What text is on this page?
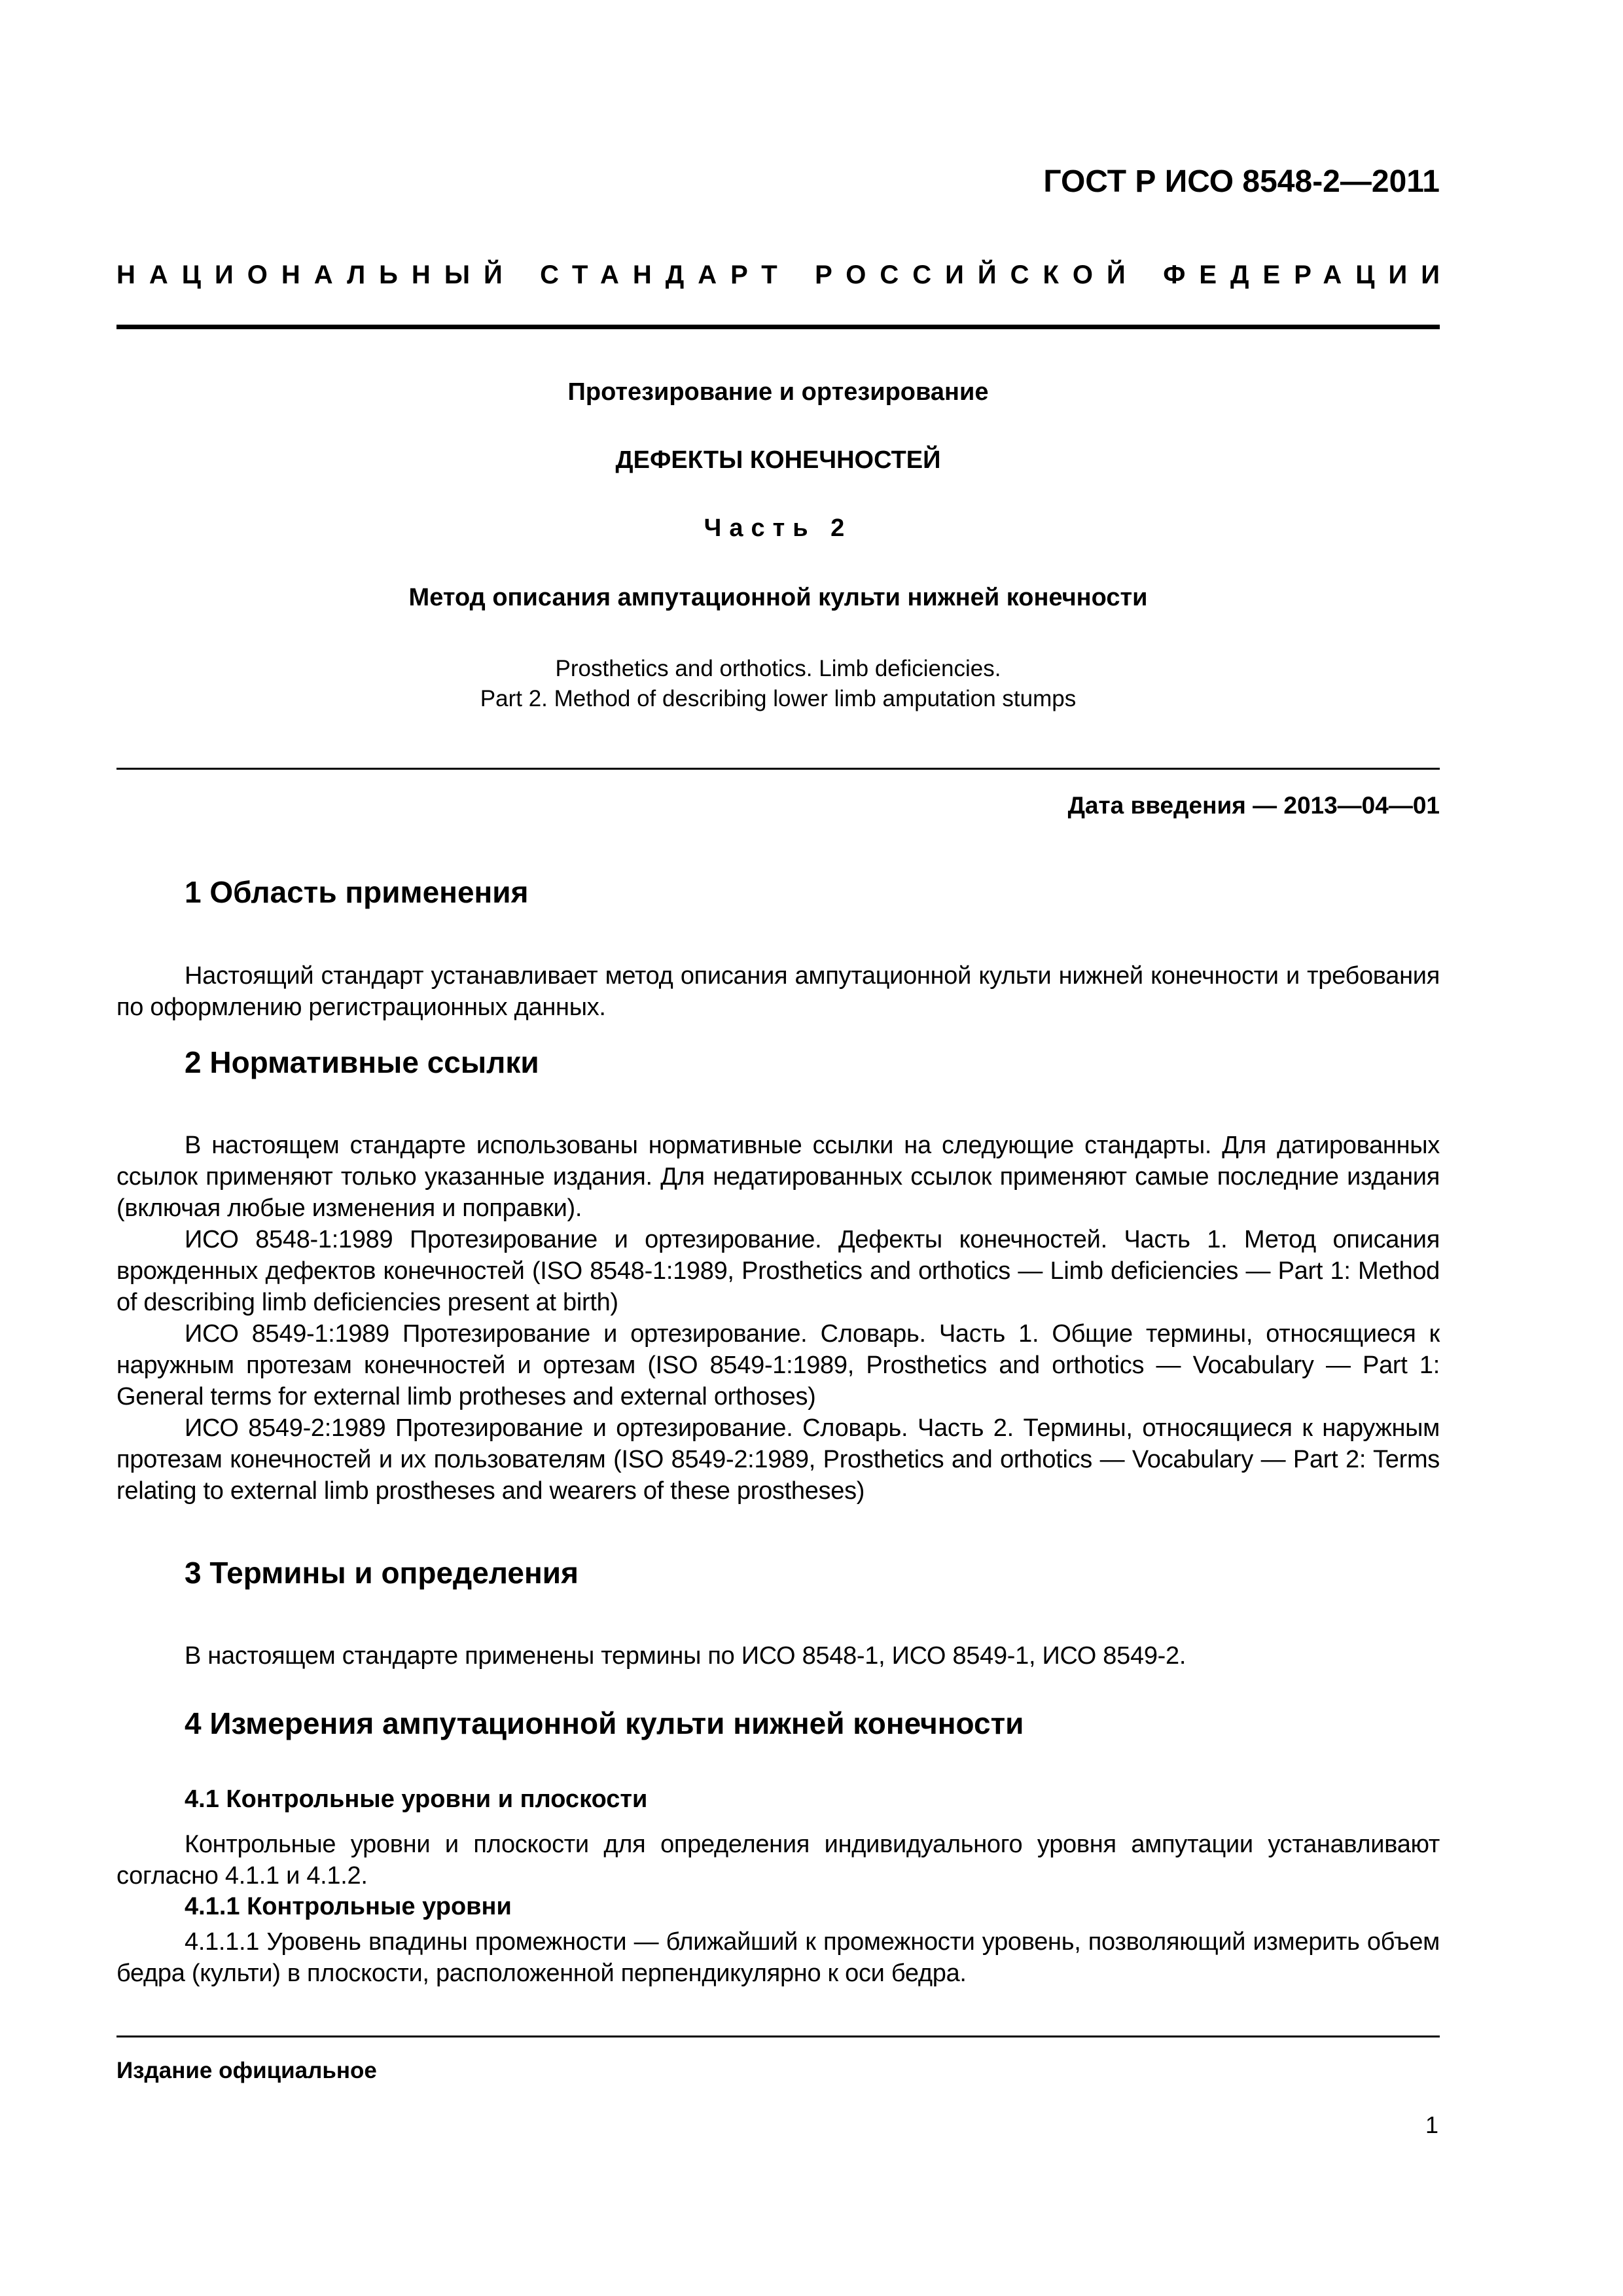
ГОСТ Р ИСО 8548-2—2011
НАЦИОНАЛЬНЫЙ СТАНДАРТ РОССИЙСКОЙ ФЕДЕРАЦИИ
Протезирование и ортезирование
ДЕФЕКТЫ КОНЕЧНОСТЕЙ
Часть 2
Метод описания ампутационной культи нижней конечности
Prosthetics and orthotics. Limb deficiencies.
Part 2. Method of describing lower limb amputation stumps
Дата введения — 2013—04—01
1 Область применения

Настоящий стандарт устанавливает метод описания ампутационной культи нижней конечности и требования по оформлению регистрационных данных.

2 Нормативные ссылки

В настоящем стандарте использованы нормативные ссылки на следующие стандарты. Для датированных ссылок применяют только указанные издания. Для недатированных ссылок применяют самые последние издания (включая любые изменения и поправки).

ИСО 8548-1:1989 Протезирование и ортезирование. Дефекты конечностей. Часть 1. Метод описания врожденных дефектов конечностей (ISO 8548-1:1989, Prosthetics and orthotics — Limb deficiencies — Part 1: Method of describing limb deficiencies present at birth)

ИСО 8549-1:1989 Протезирование и ортезирование. Словарь. Часть 1. Общие термины, относящиеся к наружным протезам конечностей и ортезам (ISO 8549-1:1989, Prosthetics and orthotics — Vocabulary — Part 1: General terms for external limb protheses and external orthoses)

ИСО 8549-2:1989 Протезирование и ортезирование. Словарь. Часть 2. Термины, относящиеся к наружным протезам конечностей и их пользователям (ISO 8549-2:1989, Prosthetics and orthotics — Vocabulary — Part 2: Terms relating to external limb prostheses and wearers of these prostheses)

3 Термины и определения

В настоящем стандарте применены термины по ИСО 8548-1, ИСО 8549-1, ИСО 8549-2.

4 Измерения ампутационной культи нижней конечности
4.1 Контрольные уровни и плоскости

Контрольные уровни и плоскости для определения индивидуального уровня ампутации устанавливают согласно 4.1.1 и 4.1.2.

4.1.1 Контрольные уровни

4.1.1.1 Уровень впадины промежности — ближайший к промежности уровень, позволяющий измерить объем бедра (культи) в плоскости, расположенной перпендикулярно к оси бедра.

Издание официальное
1
